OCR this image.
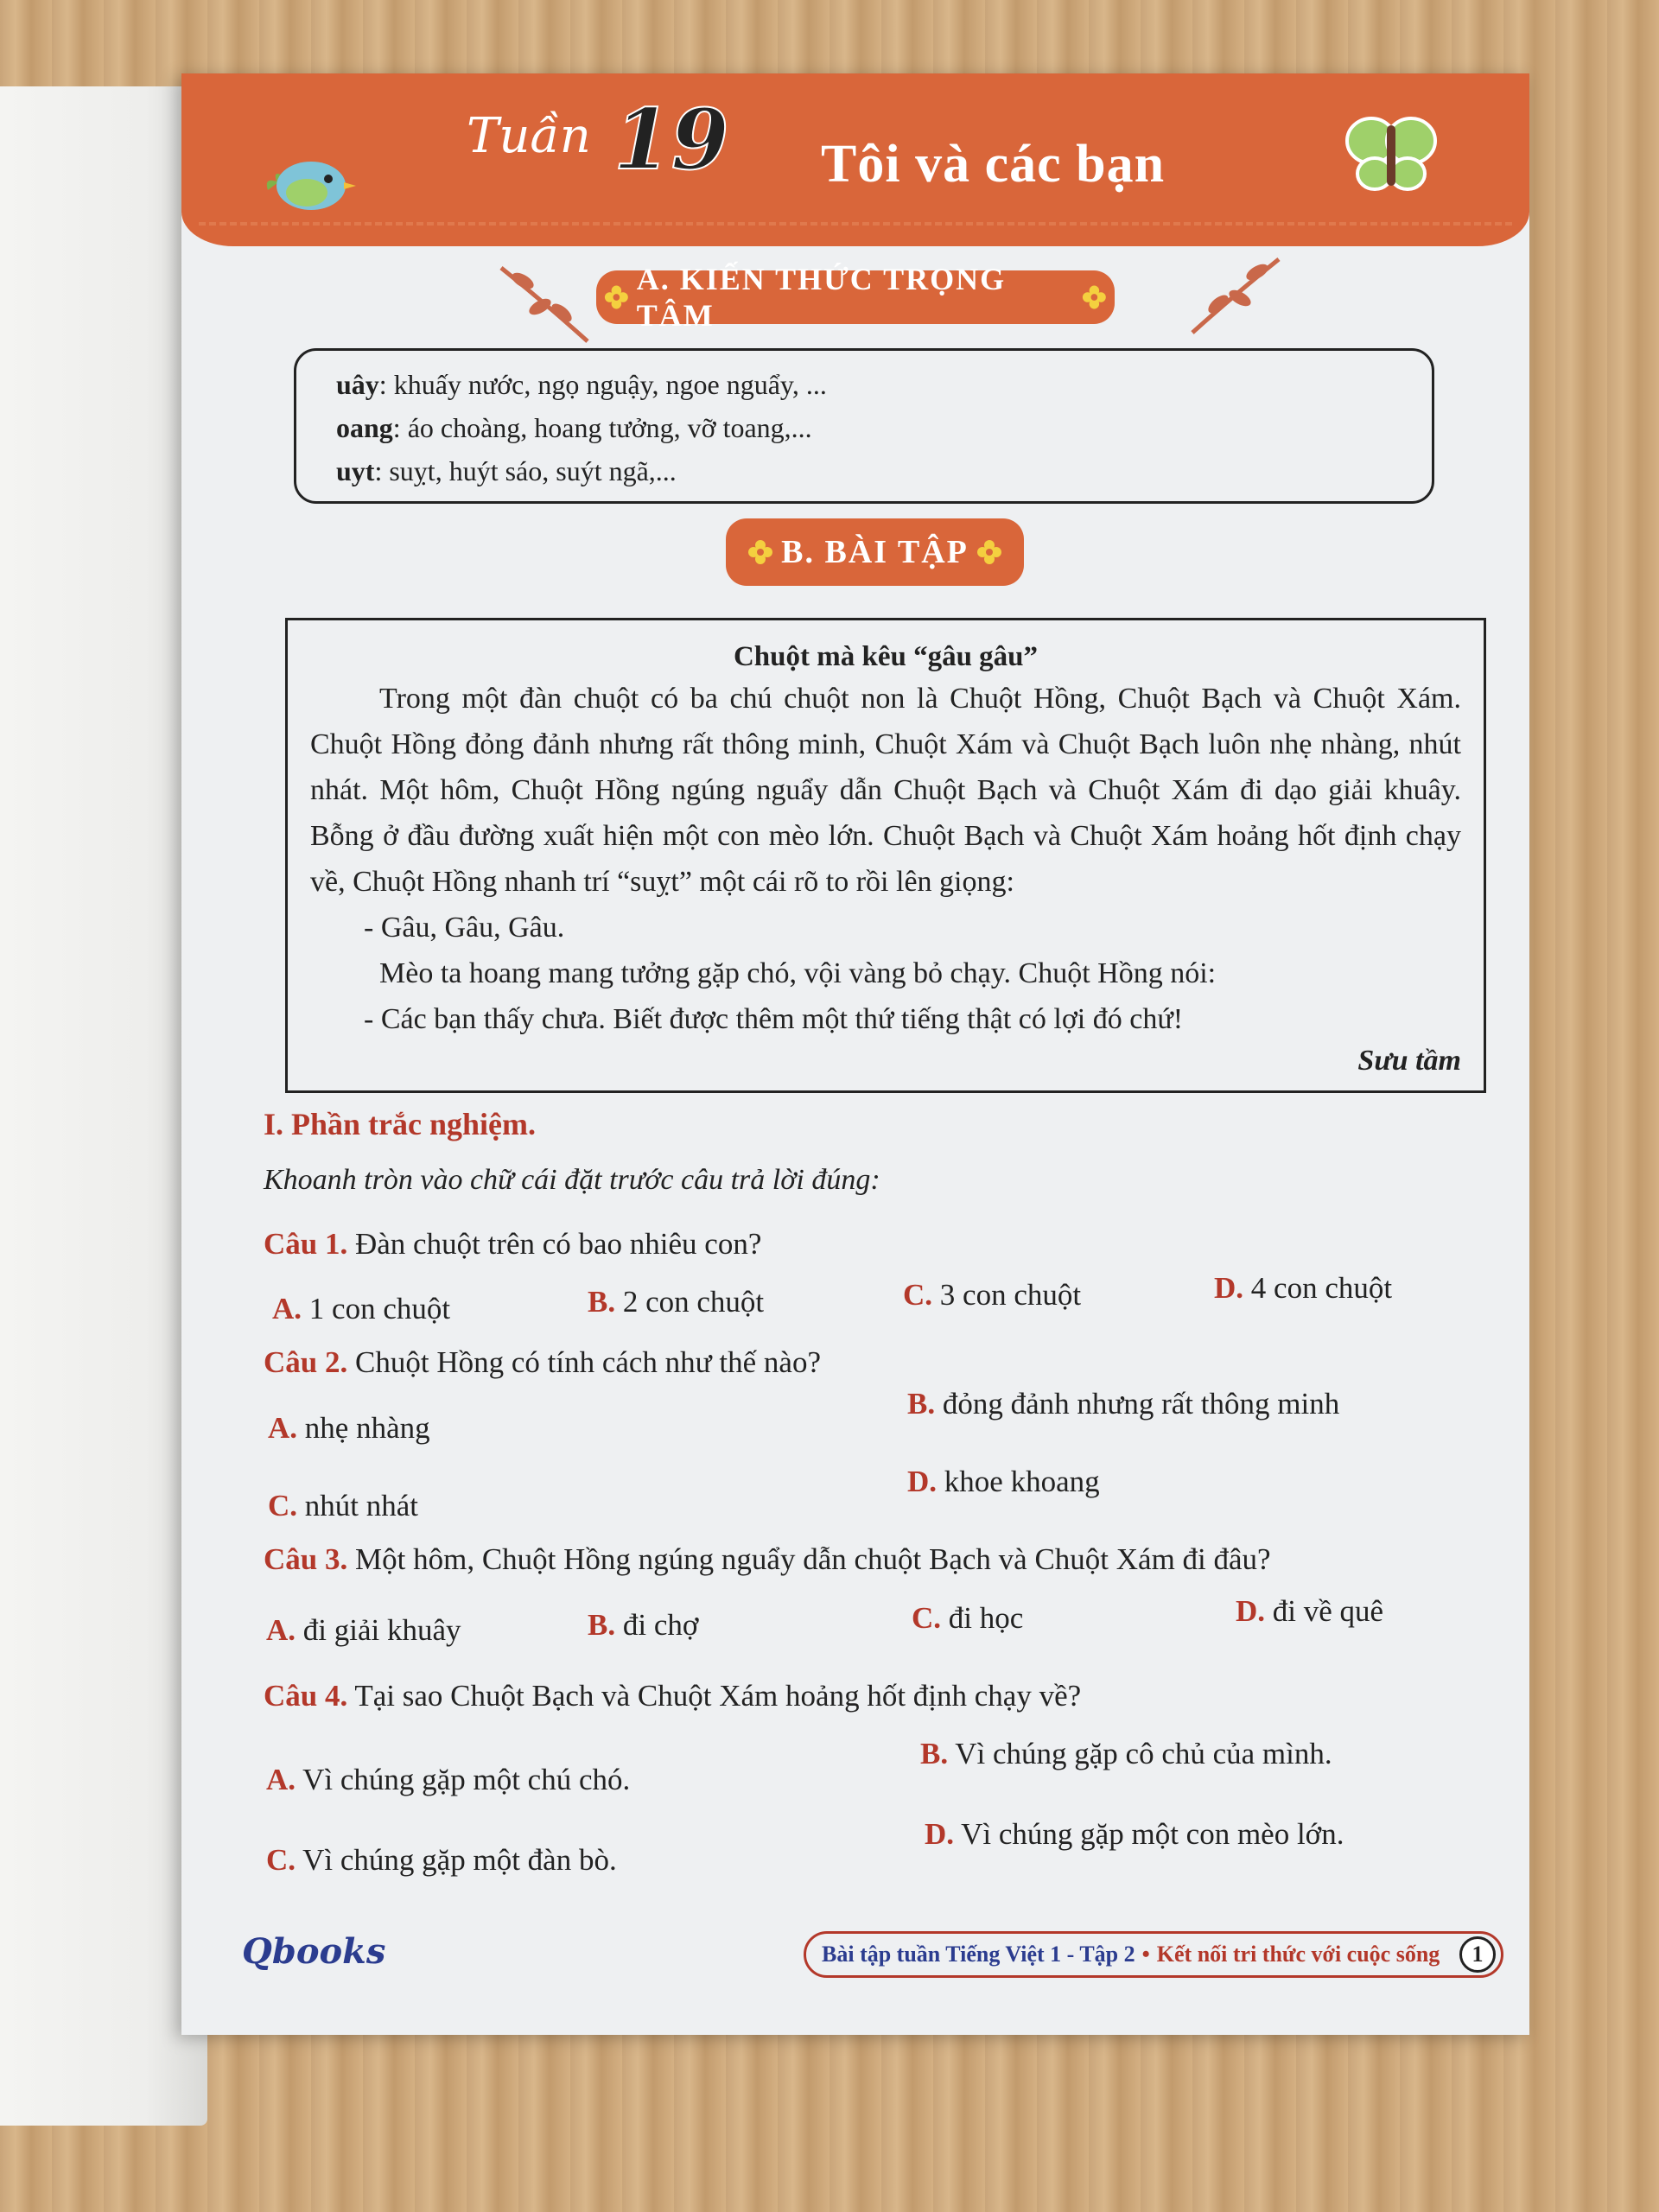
Tuần 19 Tôi và các bạn
A. KIẾN THỨC TRỌNG TÂM
uây: khuấy nước, ngọ nguậy, ngoe nguẩy, ...
oang: áo choàng, hoang tưởng, vỡ toang,...
uyt: suỵt, huýt sáo, suýt ngã,...
B. BÀI TẬP
Chuột mà kêu “gâu gâu”
Trong một đàn chuột có ba chú chuột non là Chuột Hồng, Chuột Bạch và Chuột Xám. Chuột Hồng đỏng đảnh nhưng rất thông minh, Chuột Xám và Chuột Bạch luôn nhẹ nhàng, nhút nhát. Một hôm, Chuột Hồng ngúng nguẩy dẫn Chuột Bạch và Chuột Xám đi dạo giải khuây. Bỗng ở đầu đường xuất hiện một con mèo lớn. Chuột Bạch và Chuột Xám hoảng hốt định chạy về, Chuột Hồng nhanh trí “suỵt” một cái rõ to rồi lên giọng:
- Gâu, Gâu, Gâu.
Mèo ta hoang mang tưởng gặp chó, vội vàng bỏ chạy. Chuột Hồng nói:
- Các bạn thấy chưa. Biết được thêm một thứ tiếng thật có lợi đó chứ!
Sưu tầm
I. Phần trắc nghiệm.
Khoanh tròn vào chữ cái đặt trước câu trả lời đúng:
Câu 1. Đàn chuột trên có bao nhiêu con?
A. 1 con chuột	B. 2 con chuột	C. 3 con chuột	D. 4 con chuột
Câu 2. Chuột Hồng có tính cách như thế nào?
A. nhẹ nhàng
B. đỏng đảnh nhưng rất thông minh
C. nhút nhát
D. khoe khoang
Câu 3. Một hôm, Chuột Hồng ngúng nguẩy dẫn chuột Bạch và Chuột Xám đi đâu?
A. đi giải khuây	B. đi chợ	C. đi học	D. đi về quê
Câu 4. Tại sao Chuột Bạch và Chuột Xám hoảng hốt định chạy về?
A. Vì chúng gặp một chú chó.
B. Vì chúng gặp cô chủ của mình.
C. Vì chúng gặp một đàn bò.
D. Vì chúng gặp một con mèo lớn.
Qbooks	Bài tập tuần Tiếng Việt 1 - Tập 2 • Kết nối tri thức với cuộc sống	1
